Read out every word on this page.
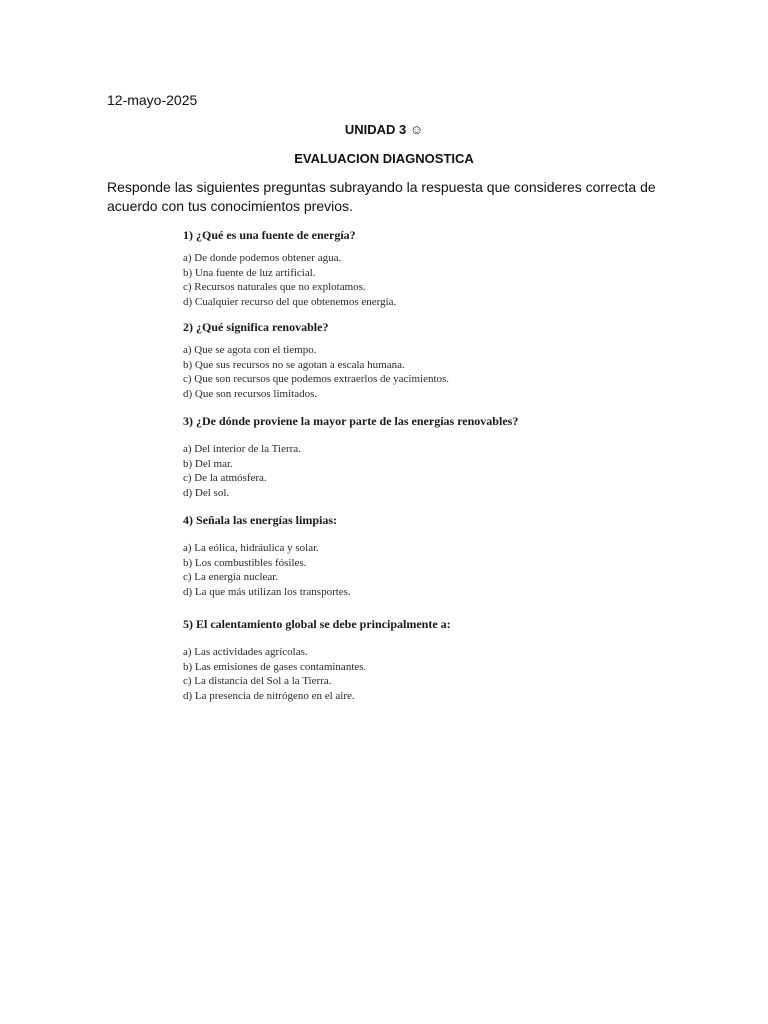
12-mayo-2025
UNIDAD 3 ☺
EVALUACION DIAGNOSTICA
Responde las siguientes preguntas subrayando la respuesta que consideres correcta de acuerdo con tus conocimientos previos.
1) ¿Qué es una fuente de energía?
a) De donde podemos obtener agua.
b) Una fuente de luz artificial.
c) Recursos naturales que no explotamos.
d) Cualquier recurso del que obtenemos energía.
2) ¿Qué significa renovable?
a) Que se agota con el tiempo.
b) Que sus recursos no se agotan a escala humana.
c) Que son recursos que podemos extraerlos de yacimientos.
d) Que son recursos limitados.
3) ¿De dónde proviene la mayor parte de las energías renovables?
a) Del interior de la Tierra.
b) Del mar.
c) De la atmósfera.
d) Del sol.
4) Señala las energías limpias:
a) La eólica, hidráulica y solar.
b) Los combustibles fósiles.
c) La energía nuclear.
d) La que más utilizan los transportes.
5) El calentamiento global se debe principalmente a:
a) Las actividades agrícolas.
b) Las emisiones de gases contaminantes.
c) La distancia del Sol a la Tierra.
d) La presencia de nitrógeno en el aire.
